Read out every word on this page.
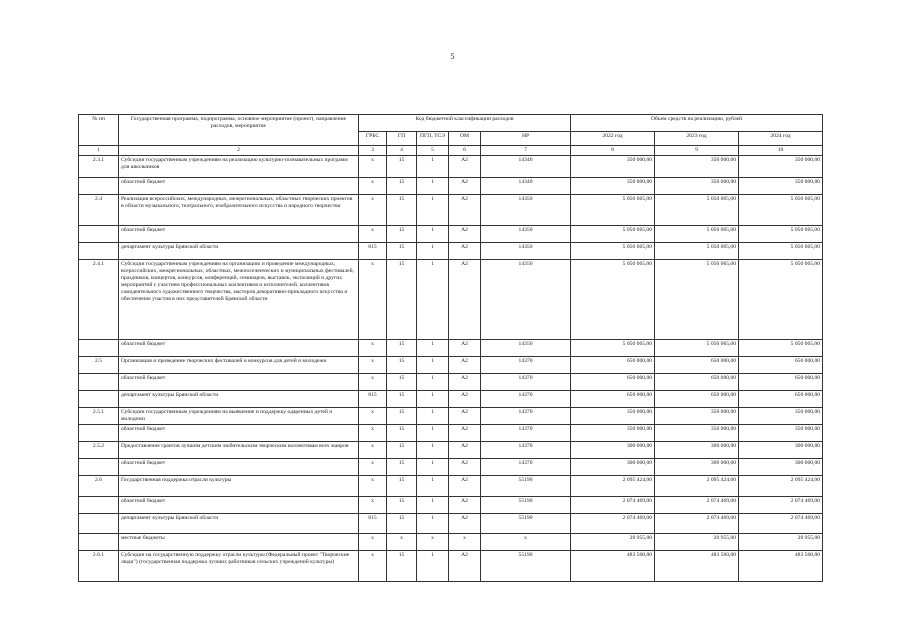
5
№ пп	Государственная программа, подпрограмма, основное мероприятие (проект), направление расходов, мероприятие	Код бюджетной классификации расходов					Объем средств на реализацию, рублей		
		ГРБС	ГП	ПГП, ТСЭ	ОМ	НР	2022 год	2023 год	2024 год
1	2	3	4	5	6	7	8	9	10
2.3.1	Субсидии государственным учреждениям на реализацию культурно-познавательных программ для школьников	х	15	1	А2	14340	350 000,00	350 000,00	350 000,00
	областной бюджет	х	15	1	А2	14340	350 000,00	350 000,00	350 000,00
2.4	Реализация всероссийских, международных, межрегиональных, областных творческих проектов в области музыкального, театрального, изобразительного искусства и народного творчества	х	15	1	А2	14350	5 050 065,00	5 050 065,00	5 050 065,00
	областной бюджет	х	15	1	А2	14350	5 050 065,00	5 050 065,00	5 050 065,00
	департамент культуры Брянской области	815	15	1	А2	14350	5 050 065,00	5 050 065,00	5 050 065,00
2.4.1	Субсидии государственным учреждениям на организацию и проведение международных, всероссийских, межрегиональных, областных, межпоселенческих и муниципальных фестивалей, праздников, концертов, конкурсов, конференций, семинаров, выставок, экспозиций и других мероприятий с участием профессиональных коллективов и исполнителей, коллективов самодеятельного художественного творчества, мастеров декоративно-прикладного искусства и обеспечение участия в них представителей Брянской области	х	15	1	А2	14350	5 050 065,00	5 050 065,00	5 050 065,00
	областной бюджет	х	15	1	А2	14350	5 050 065,00	5 050 065,00	5 050 065,00
2.5	Организация и проведение творческих фестивалей и конкурсов для детей и молодежи	х	15	1	А2	14370	650 000,00	650 000,00	650 000,00
	областной бюджет	х	15	1	А2	14370	650 000,00	650 000,00	650 000,00
	департамент культуры Брянской области	815	15	1	А2	14370	650 000,00	650 000,00	650 000,00
2.5.1	Субсидии государственным учреждениям на выявление и поддержку одаренных детей и молодежи	х	15	1	А2	14370	350 000,00	350 000,00	350 000,00
	областной бюджет	х	15	1	А2	14370	350 000,00	350 000,00	350 000,00
2.5.2	Предоставление грантов лучшим детским любительским творческим коллективам всех жанров	х	15	1	А2	14370	300 000,00	300 000,00	300 000,00
	областной бюджет	х	15	1	А2	14370	300 000,00	300 000,00	300 000,00
2.6	Государственная поддержка отрасли культуры	х	15	1	А2	55190	2 095 424,00	2 095 424,00	2 095 424,00
	областной бюджет	х	15	1	А2	55190	2 074 469,00	2 074 469,00	2 074 469,00
	департамент культуры Брянской области	815	15	1	А2	55190	2 074 469,00	2 074 469,00	2 074 469,00
	местные бюджеты	х	х	х	х	х	20 955,00	20 955,00	20 955,00
2.6.1	Субсидии на государственную поддержку отрасли культуры (Федеральный проект "Творческие люди") (государственная поддержка лучших работников сельских учреждений культуры)	х	15	1	А2	55190	483 560,00	483 560,00	483 560,00
